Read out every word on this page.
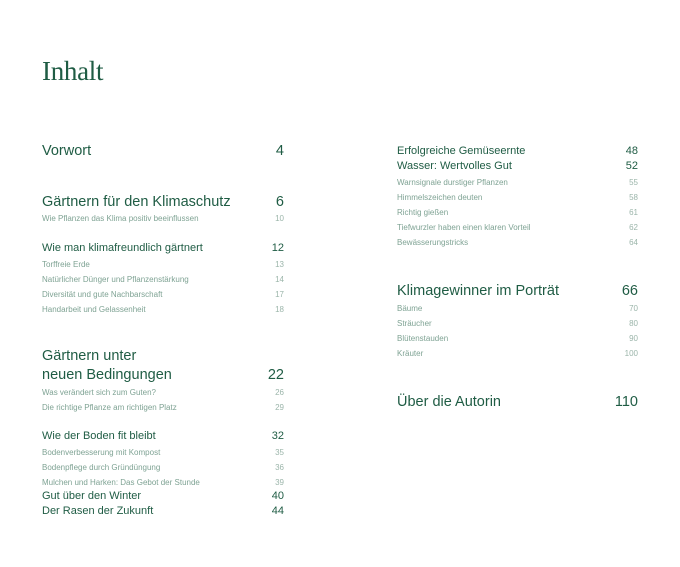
Inhalt
Vorwort	4
Gärtnern für den Klimaschutz	6
Wie Pflanzen das Klima positiv beeinflussen	10
Wie man klimafreundlich gärtnert	12
Torffreie Erde	13
Natürlicher Dünger und Pflanzenstärkung	14
Diversität und gute Nachbarschaft	17
Handarbeit und Gelassenheit	18
Gärtnern unter
neuen Bedingungen	22
Was verändert sich zum Guten?	26
Die richtige Pflanze am richtigen Platz	29
Wie der Boden fit bleibt	32
Bodenverbesserung mit Kompost	35
Bodenpflege durch Gründüngung	36
Mulchen und Harken: Das Gebot der Stunde	39
Gut über den Winter	40
Der Rasen der Zukunft	44
Erfolgreiche Gemüseernte	48
Wasser: Wertvolles Gut	52
Warnsignale durstiger Pflanzen	55
Himmelszeichen deuten	58
Richtig gießen	61
Tiefwurzler haben einen klaren Vorteil	62
Bewässerungstricks	64
Klimagewinner im Porträt	66
Bäume	70
Sträucher	80
Blütenstauden	90
Kräuter	100
Über die Autorin	110
